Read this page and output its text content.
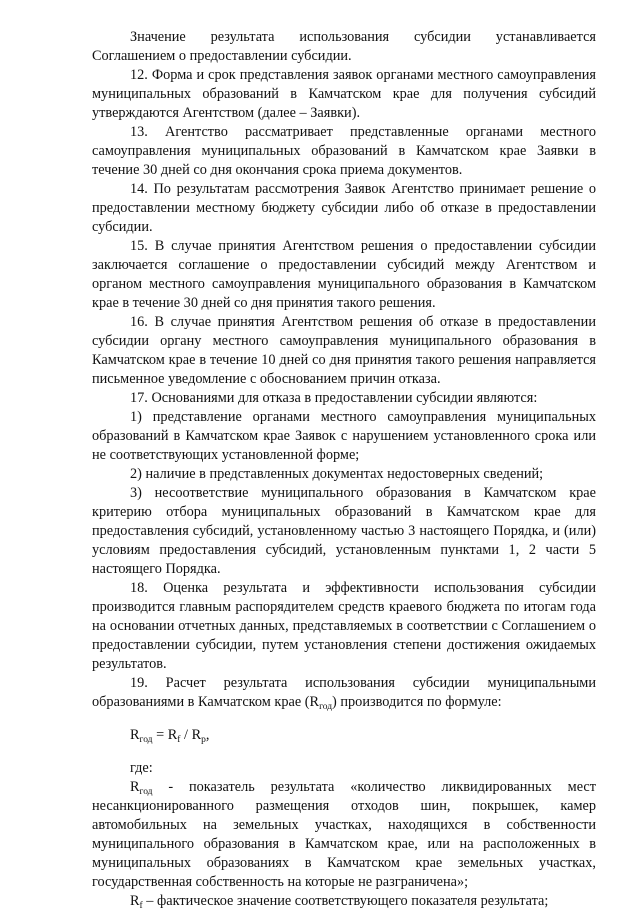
Значение результата использования субсидии устанавливается Соглашением о предоставлении субсидии.

12. Форма и срок представления заявок органами местного самоуправления муниципальных образований в Камчатском крае для получения субсидий утверждаются Агентством (далее – Заявки).

13. Агентство рассматривает представленные органами местного самоуправления муниципальных образований в Камчатском крае Заявки в течение 30 дней со дня окончания срока приема документов.

14. По результатам рассмотрения Заявок Агентство принимает решение о предоставлении местному бюджету субсидии либо об отказе в предоставлении субсидии.

15. В случае принятия Агентством решения о предоставлении субсидии заключается соглашение о предоставлении субсидий между Агентством и органом местного самоуправления муниципального образования в Камчатском крае в течение 30 дней со дня принятия такого решения.

16. В случае принятия Агентством решения об отказе в предоставлении субсидии органу местного самоуправления муниципального образования в Камчатском крае в течение 10 дней со дня принятия такого решения направляется письменное уведомление с обоснованием причин отказа.

17. Основаниями для отказа в предоставлении субсидии являются:

1) представление органами местного самоуправления муниципальных образований в Камчатском крае Заявок с нарушением установленного срока или не соответствующих установленной форме;

2) наличие в представленных документах недостоверных сведений;

3) несоответствие муниципального образования в Камчатском крае критерию отбора муниципальных образований в Камчатском крае для предоставления субсидий, установленному частью 3 настоящего Порядка, и (или) условиям предоставления субсидий, установленным пунктами 1, 2 части 5 настоящего Порядка.

18. Оценка результата и эффективности использования субсидии производится главным распорядителем средств краевого бюджета по итогам года на основании отчетных данных, представляемых в соответствии с Соглашением о предоставлении субсидии, путем установления степени достижения ожидаемых результатов.

19. Расчет результата использования субсидии муниципальными образованиями в Камчатском крае $(R_{год})$ производится по формуле:

$R_{год} = R_f / R_p$,

где:

$R_{год}$ - показатель результата «количество ликвидированных мест несанкционированного размещения отходов шин, покрышек, камер автомобильных на земельных участках, находящихся в собственности муниципального образования в Камчатском крае, или на расположенных в муниципальных образованиях в Камчатском крае земельных участках, государственная собственность на которые не разграничена»;

$R_f$ – фактическое значение соответствующего показателя результата;
